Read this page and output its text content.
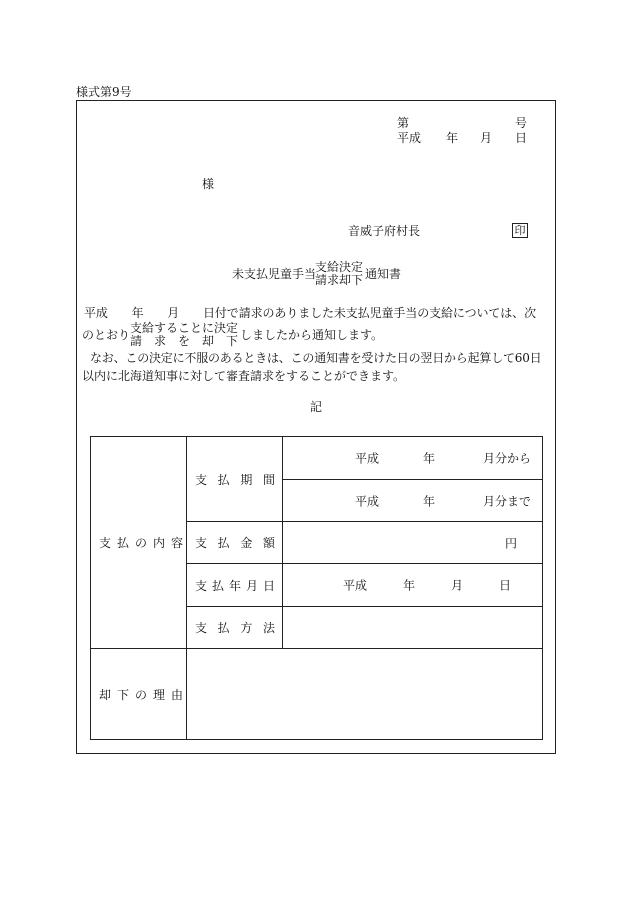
様式第9号
第	号
平成 年 月 日
様
音威子府村長	印
未支払児童手当
支給決定
請求却下 通知書
平成　　年　　月　　日付で請求のありました未支払児童手当の支給については、次
のとおり 支給することに決定
請　求　を　却　下 しましたから通知します。
なお、この決定に不服のあるときは、この通知書を受けた日の翌日から起算して60日
以内に北海道知事に対して審査請求をすることができます。
記
支 払 の 内 容	支 払 期 間	平成 年 月分から

		平成 年 月分まで

	支 払 金 額	円

	支 払 年 月 日	平成 年 月 日

	支 払 方 法	

却 下 の 理 由		
